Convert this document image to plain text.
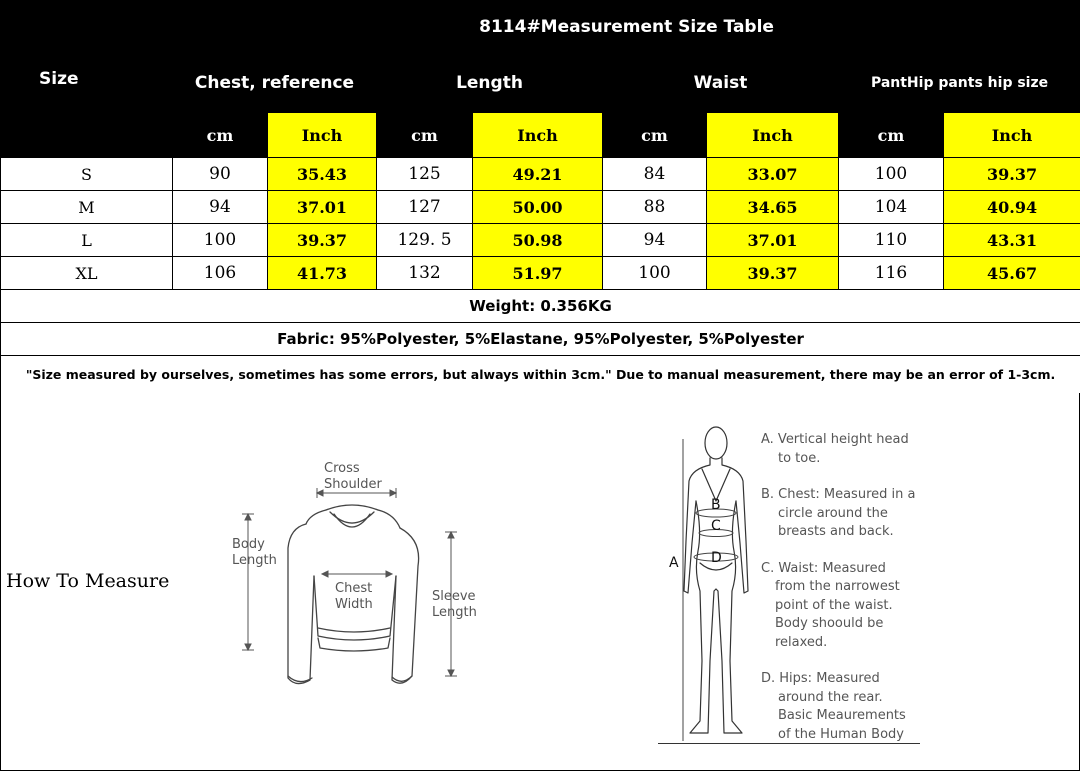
Size	8114#Measurement Size Table							
	Chest, reference		Length		Waist		PantHip pants hip size	
	cm	Inch	cm	Inch	cm	Inch	cm	Inch
S	90	35.43	125	49.21	84	33.07	100	39.37
M	94	37.01	127	50.00	88	34.65	104	40.94
L	100	39.37	129. 5	50.98	94	37.01	110	43.31
XL	106	41.73	132	51.97	100	39.37	116	45.67
Weight: 0.356KG								
Fabric: 95%Polyester, 5%Elastane, 95%Polyester, 5%Polyester								
"Size measured by ourselves, sometimes has some errors, but always within 3cm." Due to manual measurement, there may be an error of 1-3cm.								
How To Measure
Cross
Shoulder
Body
Length
Chest
Width
Sleeve
Length
A
B
C
D

A. Vertical height head

to toe.

B. Chest: Measured in a

circle around the

breasts and back.

C. Waist: Measured

from the narrowest

point of the waist.

Body shoould be

relaxed.

D. Hips: Measured

around the rear.

Basic Meaurements

of the Human Body
